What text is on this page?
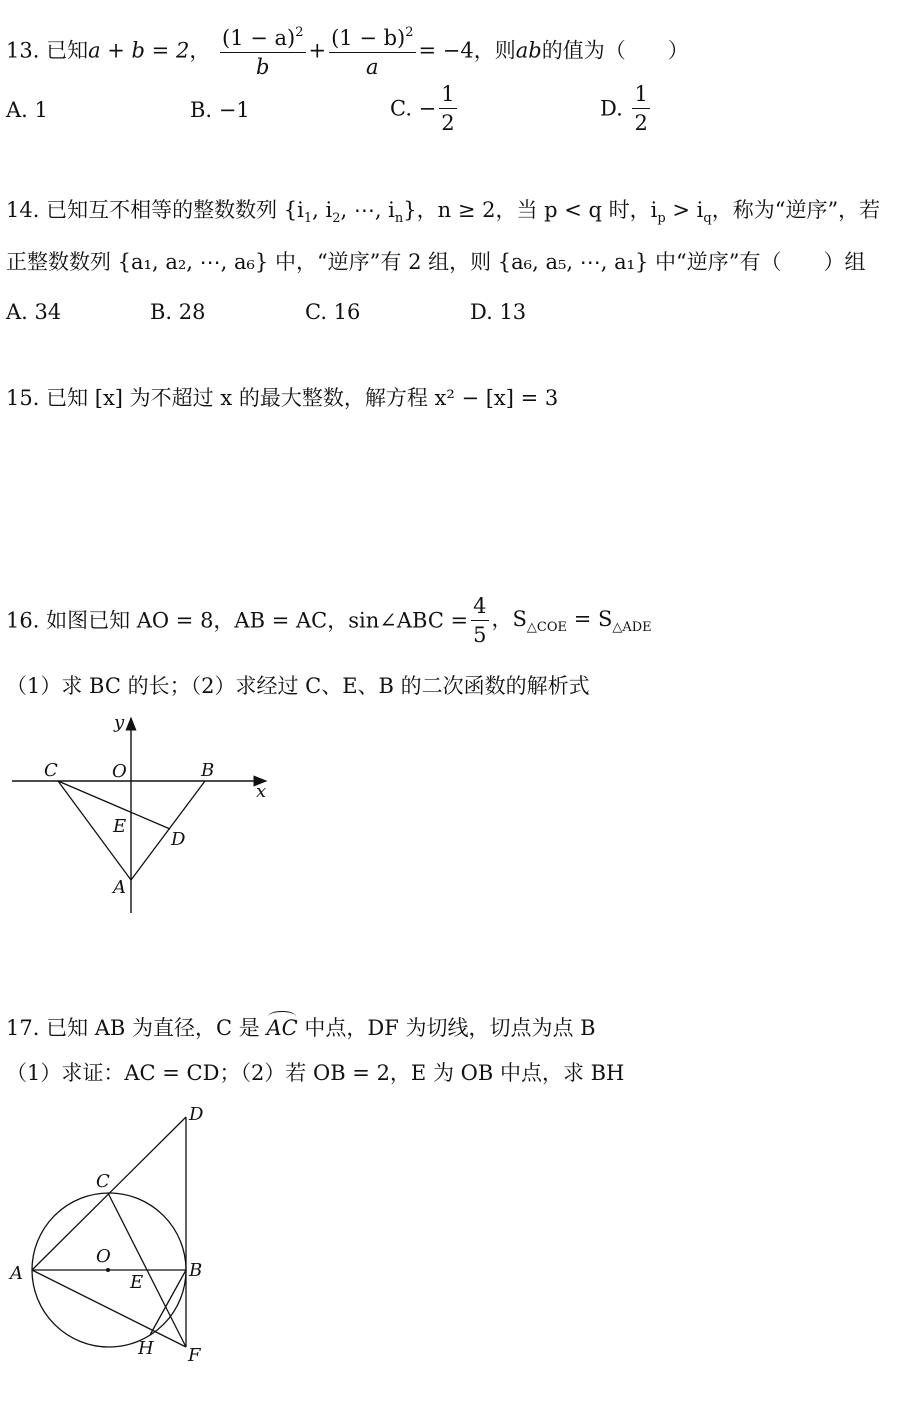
13. 已知a + b = 2， $\frac{(1 - a)^2}{b} + \frac{(1 - b)^2}{a} = -4$，则ab的值为（　　）
A. 1	B. −1	C. − $\frac{1}{2}$	D. $\frac{1}{2}$
14. 已知互不相等的整数数列 {$i_1$, $i_2$, ⋯, $i_n$}，n ≥ 2，当 p < q 时，$i_p > i_q$，称为“逆序”，若
正整数数列 {a₁, a₂, ⋯, a₆} 中，“逆序”有 2 组，则 {a₆, a₅, ⋯, a₁} 中“逆序”有（　　）组
A. 34	B. 28	C. 16	D. 13
15. 已知 [x] 为不超过 x 的最大整数，解方程 x² − [x] = 3
16. 如图已知 AO = 8，AB = AC，sin∠ABC = $\frac{4}{5}$ ，$S_{\triangle COE} = S_{\triangle ADE}$
（1）求 BC 的长；（2）求经过 C、E、B 的二次函数的解析式
y
x
C	O	B
E
D
A
17. 已知 AB 为直径，C 是 AC 中点，DF 为切线，切点为点 B
（1）求证：AC = CD；（2）若 OB = 2，E 为 OB 中点，求 BH
D
C
O
A	E
B
H F
